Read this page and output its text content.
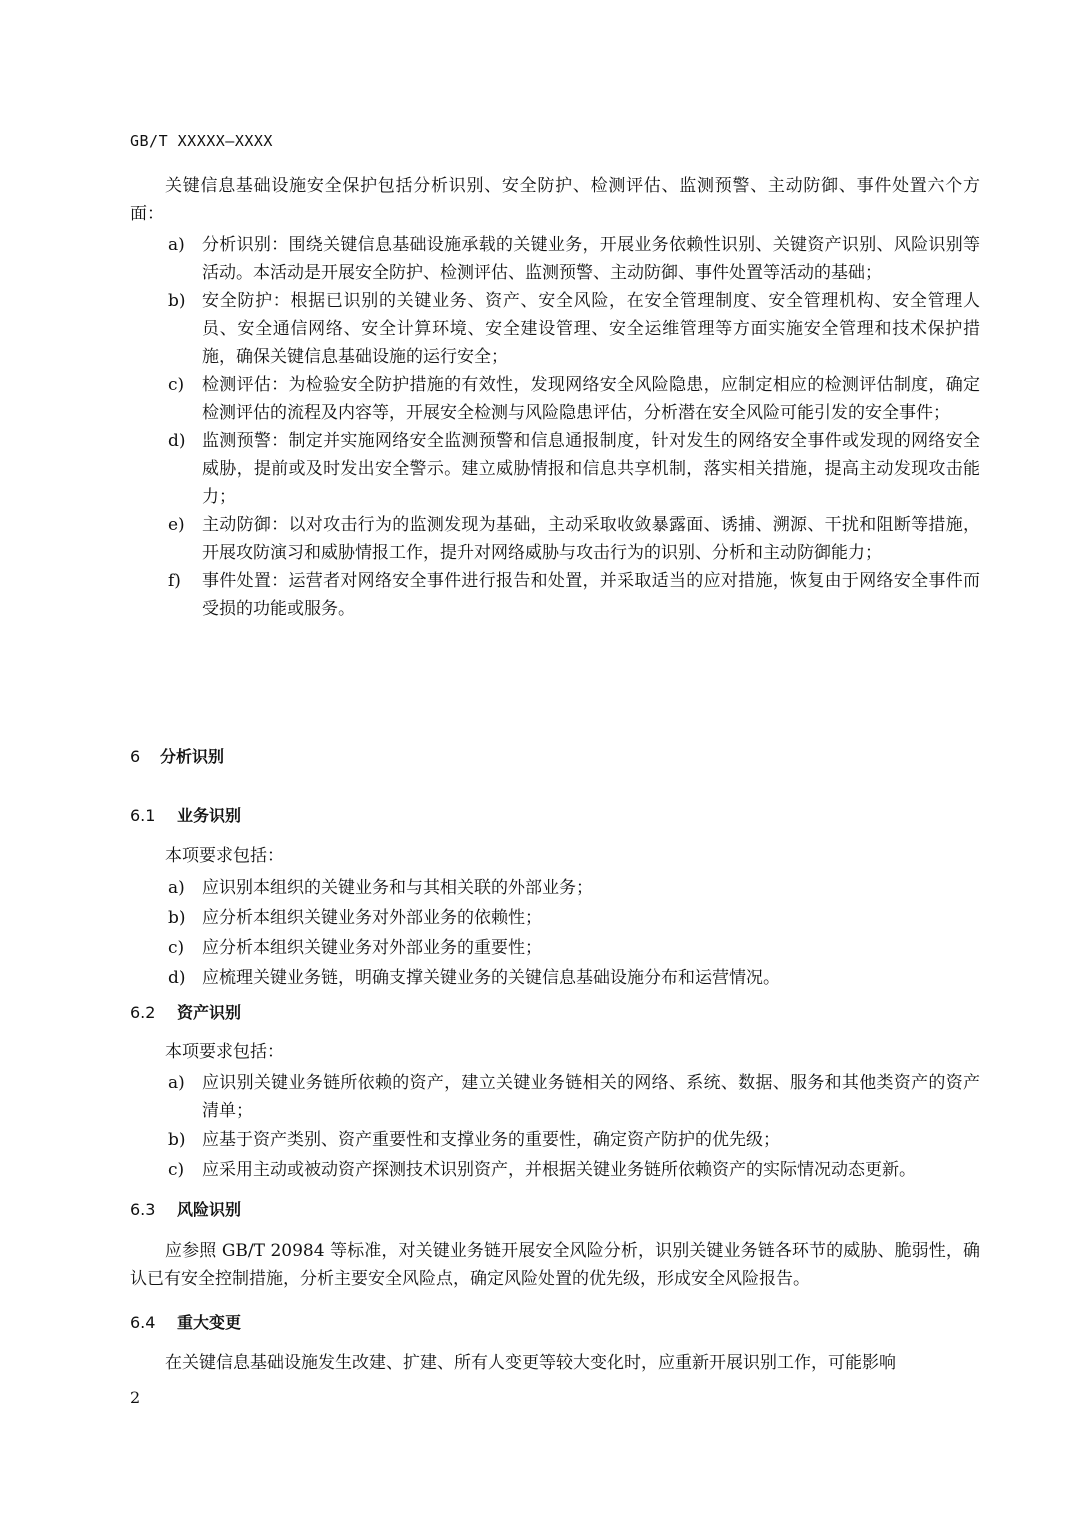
GB/T XXXXX—XXXX

关键信息基础设施安全保护包括分析识别、安全防护、检测评估、监测预警、主动防御、事件处置六个方面：

a)	分析识别：围绕关键信息基础设施承载的关键业务，开展业务依赖性识别、关键资产识别、风险识别等活动。本活动是开展安全防护、检测评估、监测预警、主动防御、事件处置等活动的基础；
b) 安全防护：根据已识别的关键业务、资产、安全风险，在安全管理制度、安全管理机构、安全管理人员、安全通信网络、安全计算环境、安全建设管理、安全运维管理等方面实施安全管理和技术保护措施，确保关键信息基础设施的运行安全；
c)	检测评估：为检验安全防护措施的有效性，发现网络安全风险隐患，应制定相应的检测评估制度，确定检测评估的流程及内容等，开展安全检测与风险隐患评估，分析潜在安全风险可能引发的安全事件；
d) 监测预警：制定并实施网络安全监测预警和信息通报制度，针对发生的网络安全事件或发现的网络安全威胁，提前或及时发出安全警示。建立威胁情报和信息共享机制，落实相关措施，提高主动发现攻击能力；
e)	主动防御：以对攻击行为的监测发现为基础，主动采取收敛暴露面、诱捕、溯源、干扰和阻断等措施，开展攻防演习和威胁情报工作，提升对网络威胁与攻击行为的识别、分析和主动防御能力；
f)	事件处置：运营者对网络安全事件进行报告和处置，并采取适当的应对措施，恢复由于网络安全事件而受损的功能或服务。
6 分析识别
6.1 业务识别

本项要求包括：

a)	应识别本组织的关键业务和与其相关联的外部业务；
b) 应分析本组织关键业务对外部业务的依赖性；
c)	应分析本组织关键业务对外部业务的重要性；
d) 应梳理关键业务链，明确支撑关键业务的关键信息基础设施分布和运营情况。
6.2 资产识别

本项要求包括：

a)	应识别关键业务链所依赖的资产，建立关键业务链相关的网络、系统、数据、服务和其他类资产的资产清单；
b) 应基于资产类别、资产重要性和支撑业务的重要性，确定资产防护的优先级；
c)	应采用主动或被动资产探测技术识别资产，并根据关键业务链所依赖资产的实际情况动态更新。
6.3 风险识别

应参照 GB/T 20984 等标准，对关键业务链开展安全风险分析，识别关键业务链各环节的威胁、脆弱性，确认已有安全控制措施，分析主要安全风险点，确定风险处置的优先级，形成安全风险报告。

6.4 重大变更

在关键信息基础设施发生改建、扩建、所有人变更等较大变化时，应重新开展识别工作，可能影响

2
